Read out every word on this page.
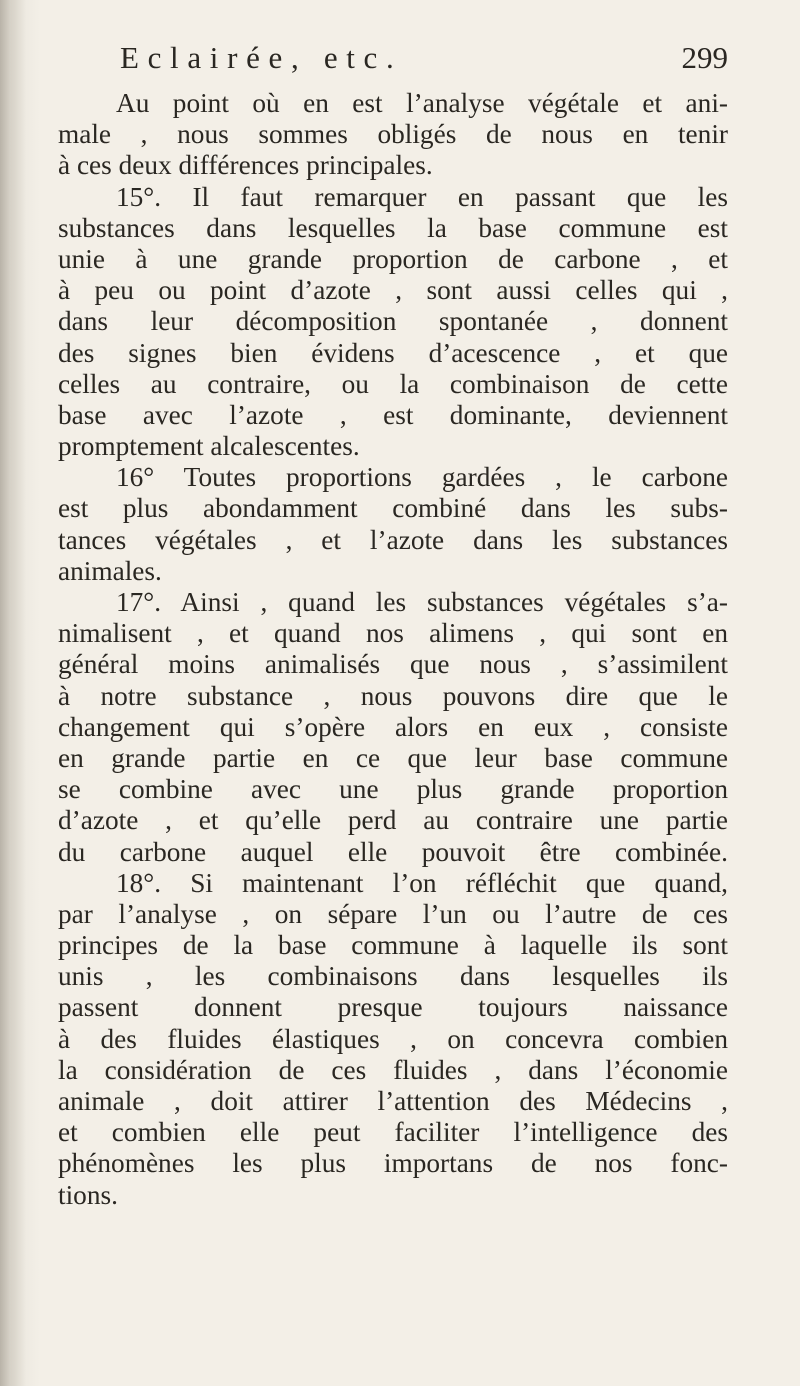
Eclairée, etc.	299
Au point où en est l’analyse végétale et ani-
male , nous sommes obligés de nous en tenir
à ces deux différences principales.
15°. Il faut remarquer en passant que les
substances dans lesquelles la base commune est
unie à une grande proportion de carbone , et
à peu ou point d’azote , sont aussi celles qui ,
dans leur décomposition spontanée , donnent
des signes bien évidens d’acescence , et que
celles au contraire, ou la combinaison de cette
base avec l’azote , est dominante, deviennent
promptement alcalescentes.
16° Toutes proportions gardées , le carbone
est plus abondamment combiné dans les subs-
tances végétales , et l’azote dans les substances
animales.
17°. Ainsi , quand les substances végétales s’a-
nimalisent , et quand nos alimens , qui sont en
général moins animalisés que nous , s’assimilent
à notre substance , nous pouvons dire que le
changement qui s’opère alors en eux , consiste
en grande partie en ce que leur base commune
se combine avec une plus grande proportion
d’azote , et qu’elle perd au contraire une partie
du carbone auquel elle pouvoit être combinée.
18°. Si maintenant l’on réfléchit que quand,
par l’analyse , on sépare l’un ou l’autre de ces
principes de la base commune à laquelle ils sont
unis , les combinaisons dans lesquelles ils
passent donnent presque toujours naissance
à des fluides élastiques , on concevra combien
la considération de ces fluides , dans l’économie
animale , doit attirer l’attention des Médecins ,
et combien elle peut faciliter l’intelligence des
phénomènes les plus importans de nos fonc-
tions.
